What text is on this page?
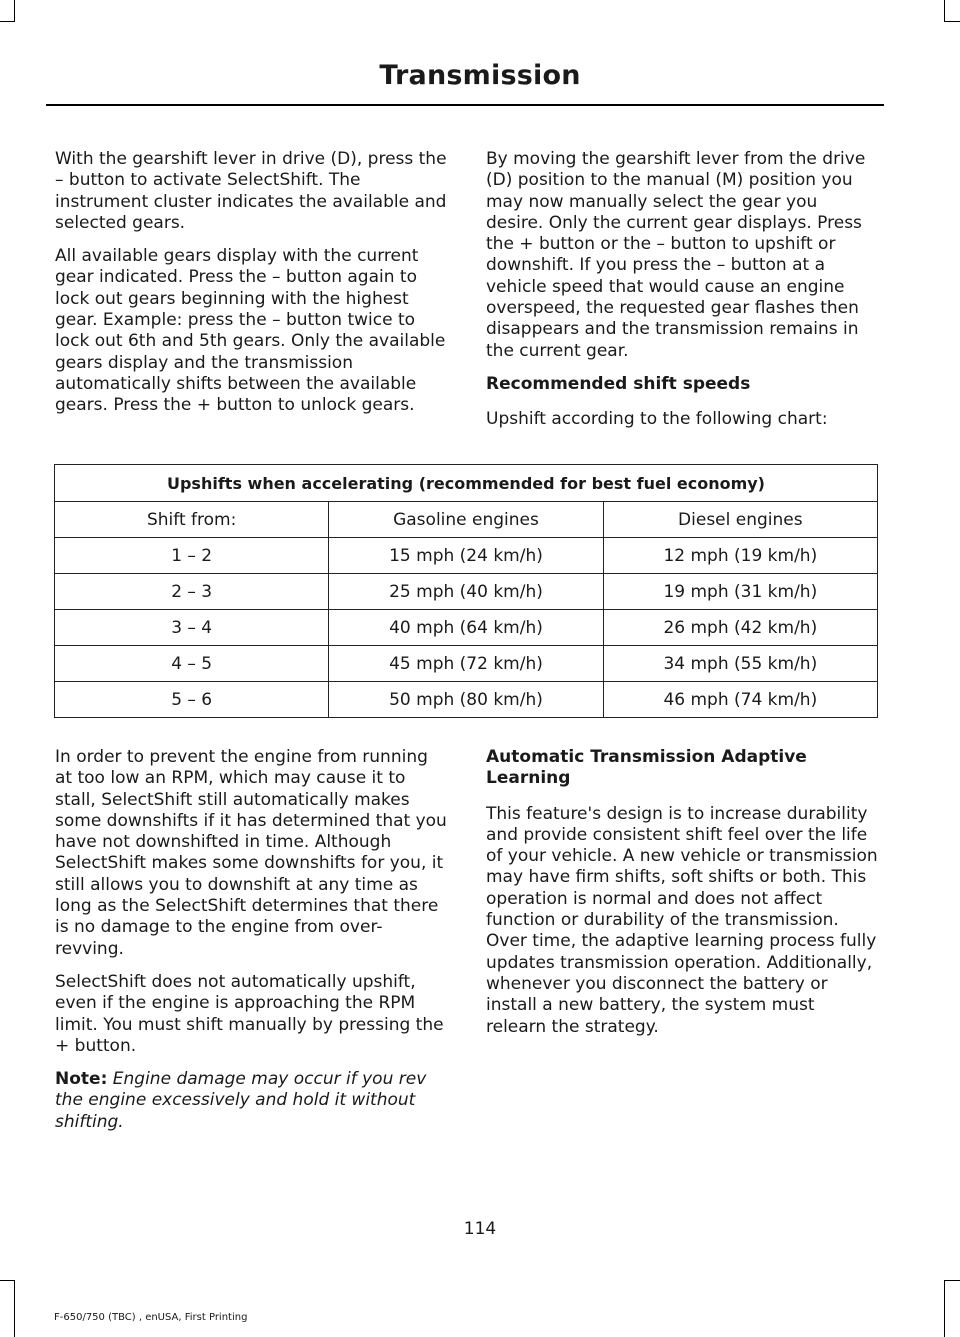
Transmission

With the gearshift lever in drive (D), press the – button to activate SelectShift. The instrument cluster indicates the available and selected gears.

All available gears display with the current gear indicated. Press the – button again to lock out gears beginning with the highest gear. Example: press the – button twice to lock out 6th and 5th gears. Only the available gears display and the transmission automatically shifts between the available gears. Press the + button to unlock gears.

By moving the gearshift lever from the drive (D) position to the manual (M) position you may now manually select the gear you desire. Only the current gear displays. Press the + button or the – button to upshift or downshift. If you press the – button at a vehicle speed that would cause an engine overspeed, the requested gear flashes then disappears and the transmission remains in the current gear.

Recommended shift speeds

Upshift according to the following chart:

Upshifts when accelerating (recommended for best fuel economy)		
Shift from:	Gasoline engines	Diesel engines
1 – 2	15 mph (24 km/h)	12 mph (19 km/h)
2 – 3	25 mph (40 km/h)	19 mph (31 km/h)
3 – 4	40 mph (64 km/h)	26 mph (42 km/h)
4 – 5	45 mph (72 km/h)	34 mph (55 km/h)
5 – 6	50 mph (80 km/h)	46 mph (74 km/h)

In order to prevent the engine from running at too low an RPM, which may cause it to stall, SelectShift still automatically makes some downshifts if it has determined that you have not downshifted in time. Although SelectShift makes some downshifts for you, it still allows you to downshift at any time as long as the SelectShift determines that there is no damage to the engine from over-revving.

SelectShift does not automatically upshift, even if the engine is approaching the RPM limit. You must shift manually by pressing the + button.

Note: Engine damage may occur if you rev the engine excessively and hold it without shifting.

Automatic Transmission Adaptive Learning

This feature's design is to increase durability and provide consistent shift feel over the life of your vehicle. A new vehicle or transmission may have firm shifts, soft shifts or both. This operation is normal and does not affect function or durability of the transmission. Over time, the adaptive learning process fully updates transmission operation. Additionally, whenever you disconnect the battery or install a new battery, the system must relearn the strategy.

114
F-650/750 (TBC) , enUSA, First Printing
